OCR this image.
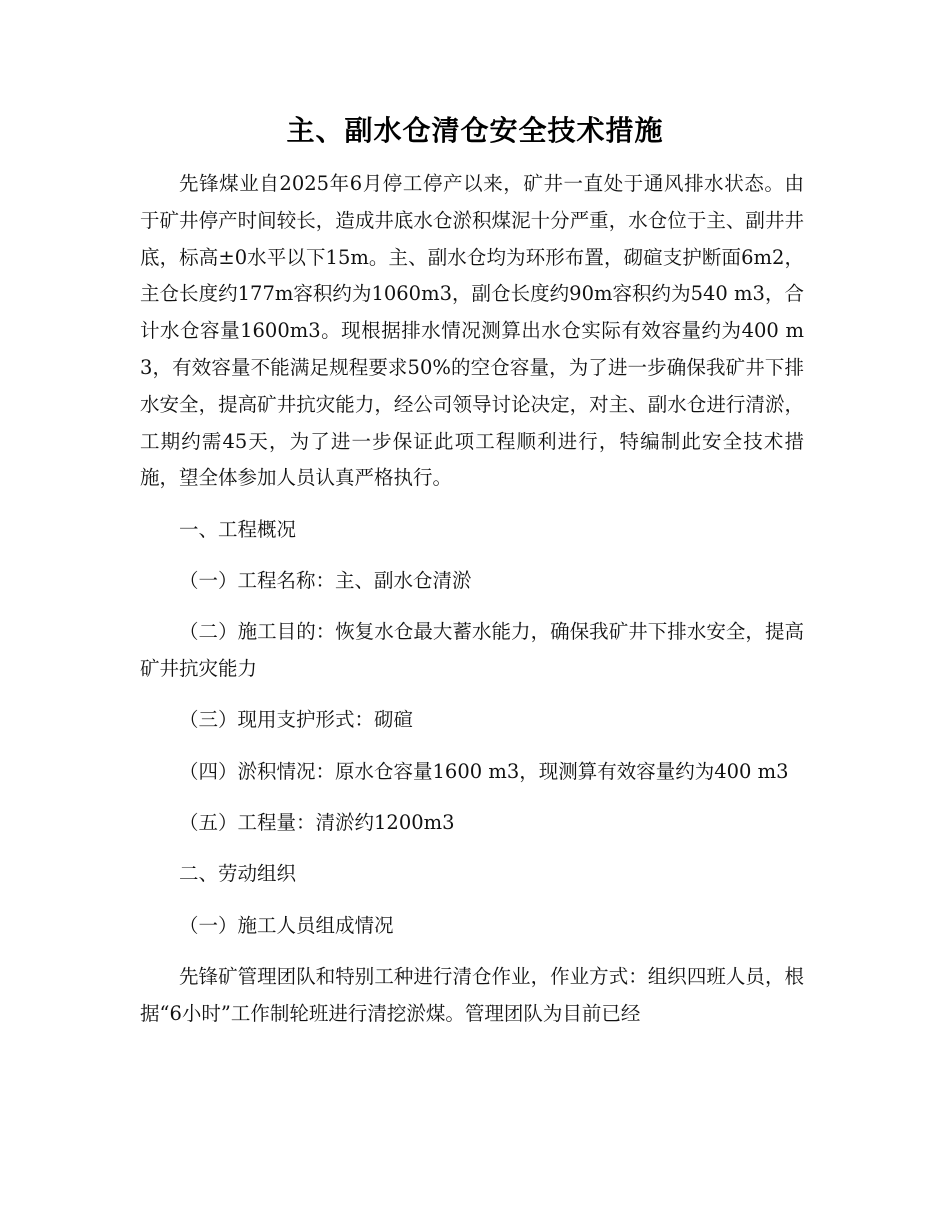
主、副水仓清仓安全技术措施

先锋煤业自2025年6月停工停产以来，矿井一直处于通风排水状态。由于矿井停产时间较长，造成井底水仓淤积煤泥十分严重，水仓位于主、副井井底，标高±0水平以下15m。主、副水仓均为环形布置，砌碹支护断面6m2，主仓长度约177m容积约为1060m3，副仓长度约90m容积约为540 m3，合计水仓容量1600m3。现根据排水情况测算出水仓实际有效容量约为400 m3，有效容量不能满足规程要求50%的空仓容量，为了进一步确保我矿井下排水安全，提高矿井抗灾能力，经公司领导讨论决定，对主、副水仓进行清淤，工期约需45天，为了进一步保证此项工程顺利进行，特编制此安全技术措施，望全体参加人员认真严格执行。

一、工程概况

（一）工程名称：主、副水仓清淤

（二）施工目的：恢复水仓最大蓄水能力，确保我矿井下排水安全，提高矿井抗灾能力

（三）现用支护形式：砌碹

（四）淤积情况：原水仓容量1600 m3，现测算有效容量约为400 m3

（五）工程量：清淤约1200m3

二、劳动组织

（一）施工人员组成情况

先锋矿管理团队和特别工种进行清仓作业，作业方式：组织四班人员，根据“6小时”工作制轮班进行清挖淤煤。管理团队为目前已经
